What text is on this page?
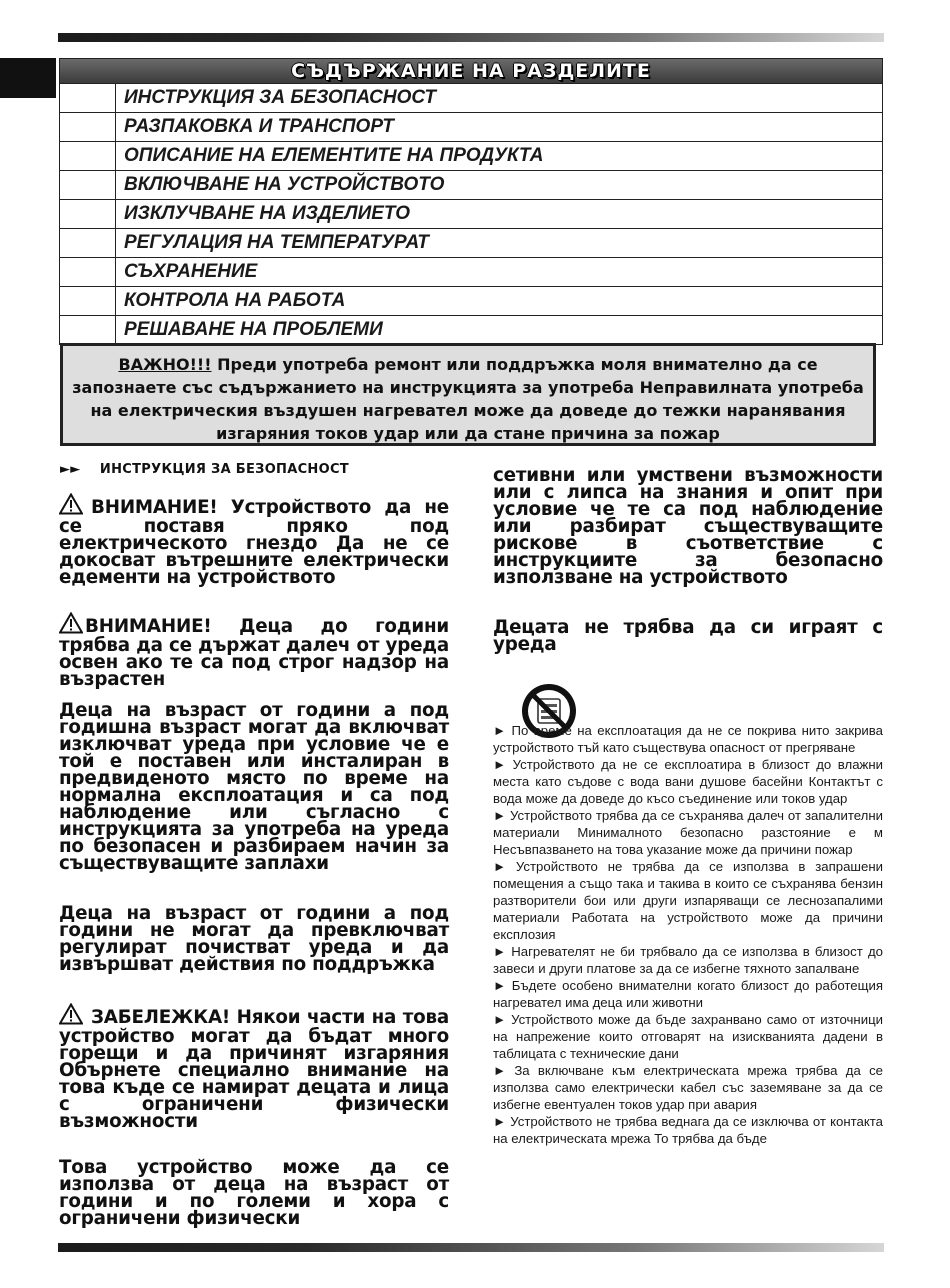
СЪДЪРЖАНИЕ НА РАЗДЕЛИТЕ
ИНСТРУКЦИЯ ЗА БЕЗОПАСНОСТ
РАЗПАКОВКА И ТРАНСПОРТ
ОПИСАНИЕ НА ЕЛЕМЕНТИТЕ НА ПРОДУКТА
ВКЛЮЧВАНЕ НА УСТРОЙСТВОТО
ИЗКЛУЧВАНЕ НА ИЗДЕЛИЕТО
РЕГУЛАЦИЯ НА ТЕМПЕРАТУРАТ
СЪХРАНЕНИЕ
КОНТРОЛА НА РАБОТА
РЕШАВАНЕ НА ПРОБЛЕМИ
ВАЖНО!!! Преди употреба ремонт или поддръжка моля внимателно да се запознаете със съдържанието на инструкцията за употреба Неправилната употреба на електрическия въздушен нагревател може да доведе до тежки наранявания изгаряния токов удар или да стане причина за пожар
►► ИНСТРУКЦИЯ ЗА БЕЗОПАСНОСТ

ВНИМАНИЕ! Устройството да не се поставя пряко под електрическото гнездо Да не се докосват вътрешните електрически едементи на устройството

ВНИМАНИЕ! Деца до години трябва да се държат далеч от уреда освен ако те са под строг надзор на възрастен

Деца на възраст от години а под годишна възраст могат да включват изключват уреда при условие че е той е поставен или инсталиран в предвиденото място по време на нормална експлоатация и са под наблюдение или съгласно с инструкцията за употреба на уреда по безопасен и разбираем начин за съществуващите заплахи

Деца на възраст от години а под години не могат да превключват регулират почистват уреда и да извършват действия по поддръжка

ЗАБЕЛЕЖКА! Някои части на това устройство могат да бъдат много горещи и да причинят изгаряния Обърнете специално внимание на това къде се намират децата и лица с ограничени физически възможности

Това устройство може да се използва от деца на възраст от години и по големи и хора с ограничени физически

сетивни или умствени възможности или с липса на знания и опит при условие че те са под наблюдение или разбират съществуващите рискове в съответствие с инструкциите за безопасно използване на устройството

Децата не трябва да си играят с уреда

► По време на експлоатация да не се покрива нито закрива устройството тъй като съществува опасност от прегряване

► Устройството да не се експлоатира в близост до влажни места като съдове с вода вани душове басейни Контактът с вода може да доведе до късо съединение или токов удар

► Устройството трябва да се съхранява далеч от запалителни материали Минималното безопасно разстояние е м Несъвпазването на това указание може да причини пожар

► Устройството не трябва да се използва в запрашени помещения а също така и такива в които се съхранява бензин разтворители бои или други изпаряващи се леснозапалими материали Работата на устройството може да причини експлозия

► Нагревателят не би трябвало да се използва в близост до завеси и други платове за да се избегне тяхното запалване

► Бъдете особено внимателни когато близост до работещия нагревател има деца или животни

► Устройството може да бъде захранвано само от източници на напрежение които отговарят на изискванията дадени в таблицата с технические дани

► За включване към електрическата мрежа трябва да се използва само електрически кабел със заземяване за да се избегне евентуален токов удар при авария

► Устройството не трябва веднага да се изключва от контакта на електрическата мрежа То трябва да бъде
